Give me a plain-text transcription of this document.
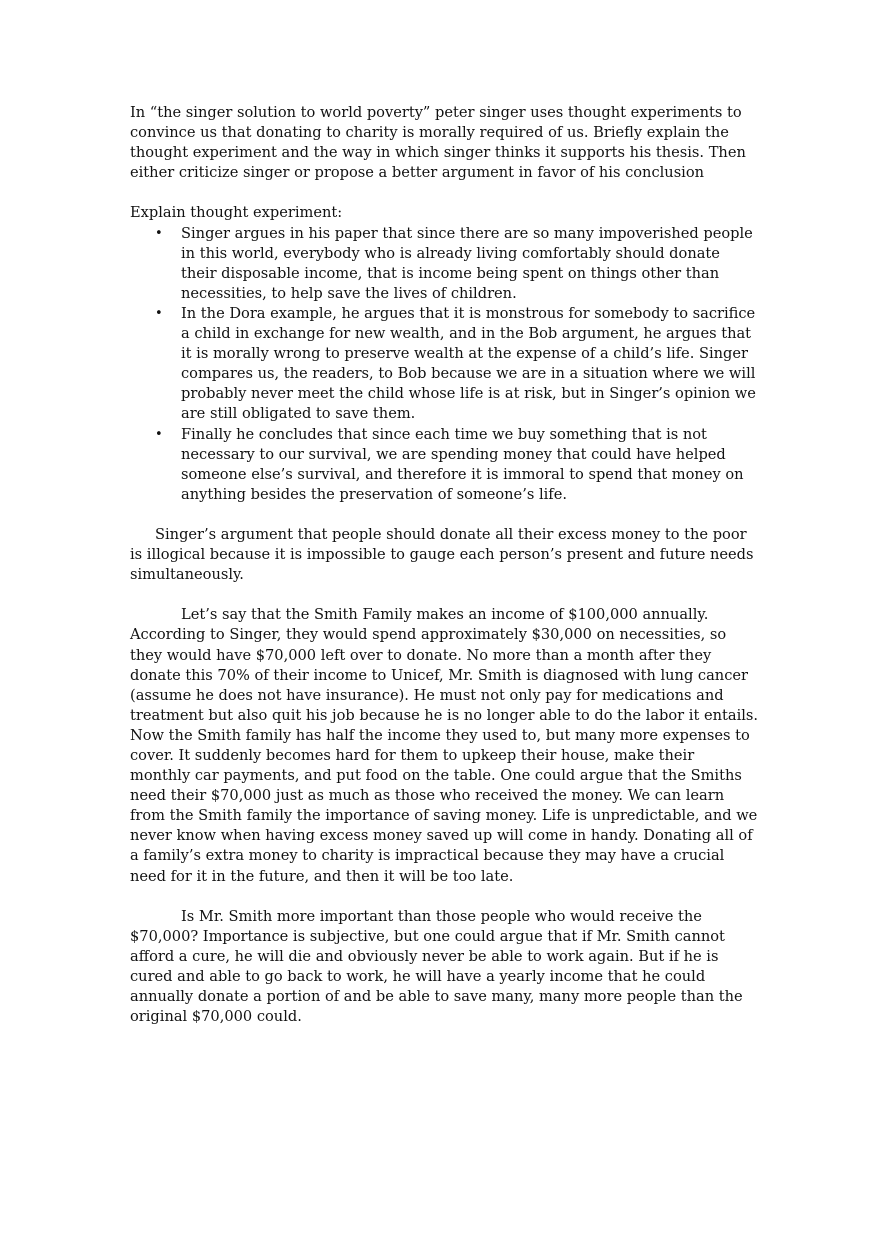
In “the singer solution to world poverty” peter singer uses thought experiments to

convince us that donating to charity is morally required of us. Briefly explain the

thought experiment and the way in which singer thinks it supports his thesis. Then

either criticize singer or propose a better argument in favor of his conclusion

Explain thought experiment:

• Singer argues in his paper that since there are so many impoverished people
in this world, everybody who is already living comfortably should donate
their disposable income, that is income being spent on things other than
necessities, to help save the lives of children.
• In the Dora example, he argues that it is monstrous for somebody to sacrifice
a child in exchange for new wealth, and in the Bob argument, he argues that
it is morally wrong to preserve wealth at the expense of a child’s life. Singer
compares us, the readers, to Bob because we are in a situation where we will
probably never meet the child whose life is at risk, but in Singer’s opinion we
are still obligated to save them.
• Finally he concludes that since each time we buy something that is not
necessary to our survival, we are spending money that could have helped
someone else’s survival, and therefore it is immoral to spend that money on
anything besides the preservation of someone’s life.
Singer’s argument that people should donate all their excess money to the poor
is illogical because it is impossible to gauge each person’s present and future needs
simultaneously.
Let’s say that the Smith Family makes an income of $100,000 annually.
According to Singer, they would spend approximately $30,000 on necessities, so
they would have $70,000 left over to donate. No more than a month after they
donate this 70% of their income to Unicef, Mr. Smith is diagnosed with lung cancer
(assume he does not have insurance). He must not only pay for medications and
treatment but also quit his job because he is no longer able to do the labor it entails.
Now the Smith family has half the income they used to, but many more expenses to
cover. It suddenly becomes hard for them to upkeep their house, make their
monthly car payments, and put food on the table. One could argue that the Smiths
need their $70,000 just as much as those who received the money. We can learn
from the Smith family the importance of saving money. Life is unpredictable, and we
never know when having excess money saved up will come in handy. Donating all of
a family’s extra money to charity is impractical because they may have a crucial
need for it in the future, and then it will be too late.
Is Mr. Smith more important than those people who would receive the
$70,000? Importance is subjective, but one could argue that if Mr. Smith cannot
afford a cure, he will die and obviously never be able to work again. But if he is
cured and able to go back to work, he will have a yearly income that he could
annually donate a portion of and be able to save many, many more people than the
original $70,000 could.
